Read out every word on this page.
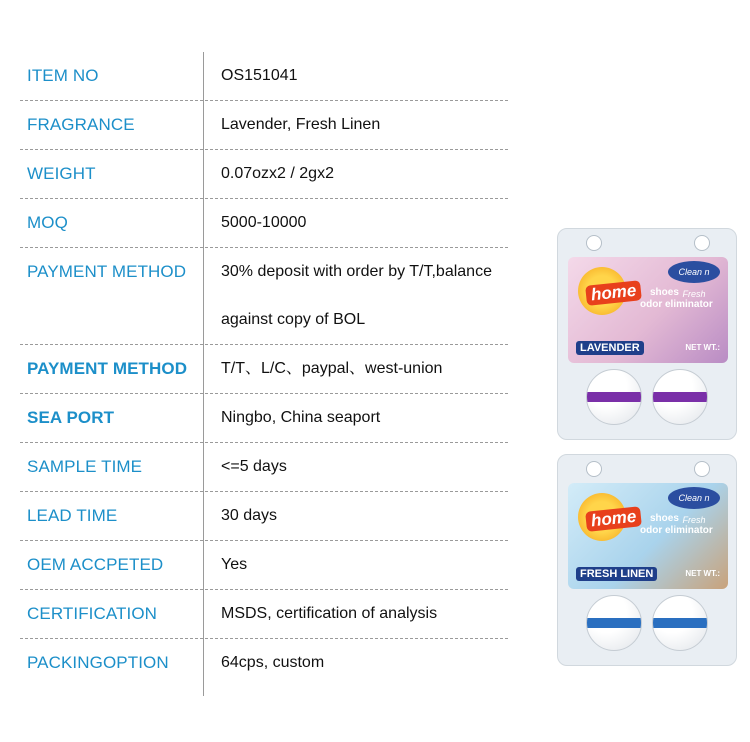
ITEM NO	OS151041
FRAGRANCE	Lavender, Fresh Linen
WEIGHT	0.07ozx2 / 2gx2
MOQ	5000-10000
PAYMENT METHOD 30% deposit with order by T/T,balance
against copy of BOL
PAYMENT METHOD T/T、L/C、paypal、west-union
SEA PORT	Ningbo, China seaport
SAMPLE TIME	<=5 days
LEAD TIME	30 days
OEM ACCPETED	Yes
CERTIFICATION	MSDS, certification of analysis
PACKINGOPTION	64cps, custom
home	shoes
odor eliminator
Clean n Fresh
LAVENDER	NET WT.:
home	shoes
odor eliminator
Clean n Fresh
FRESH LINEN	NET WT.:
